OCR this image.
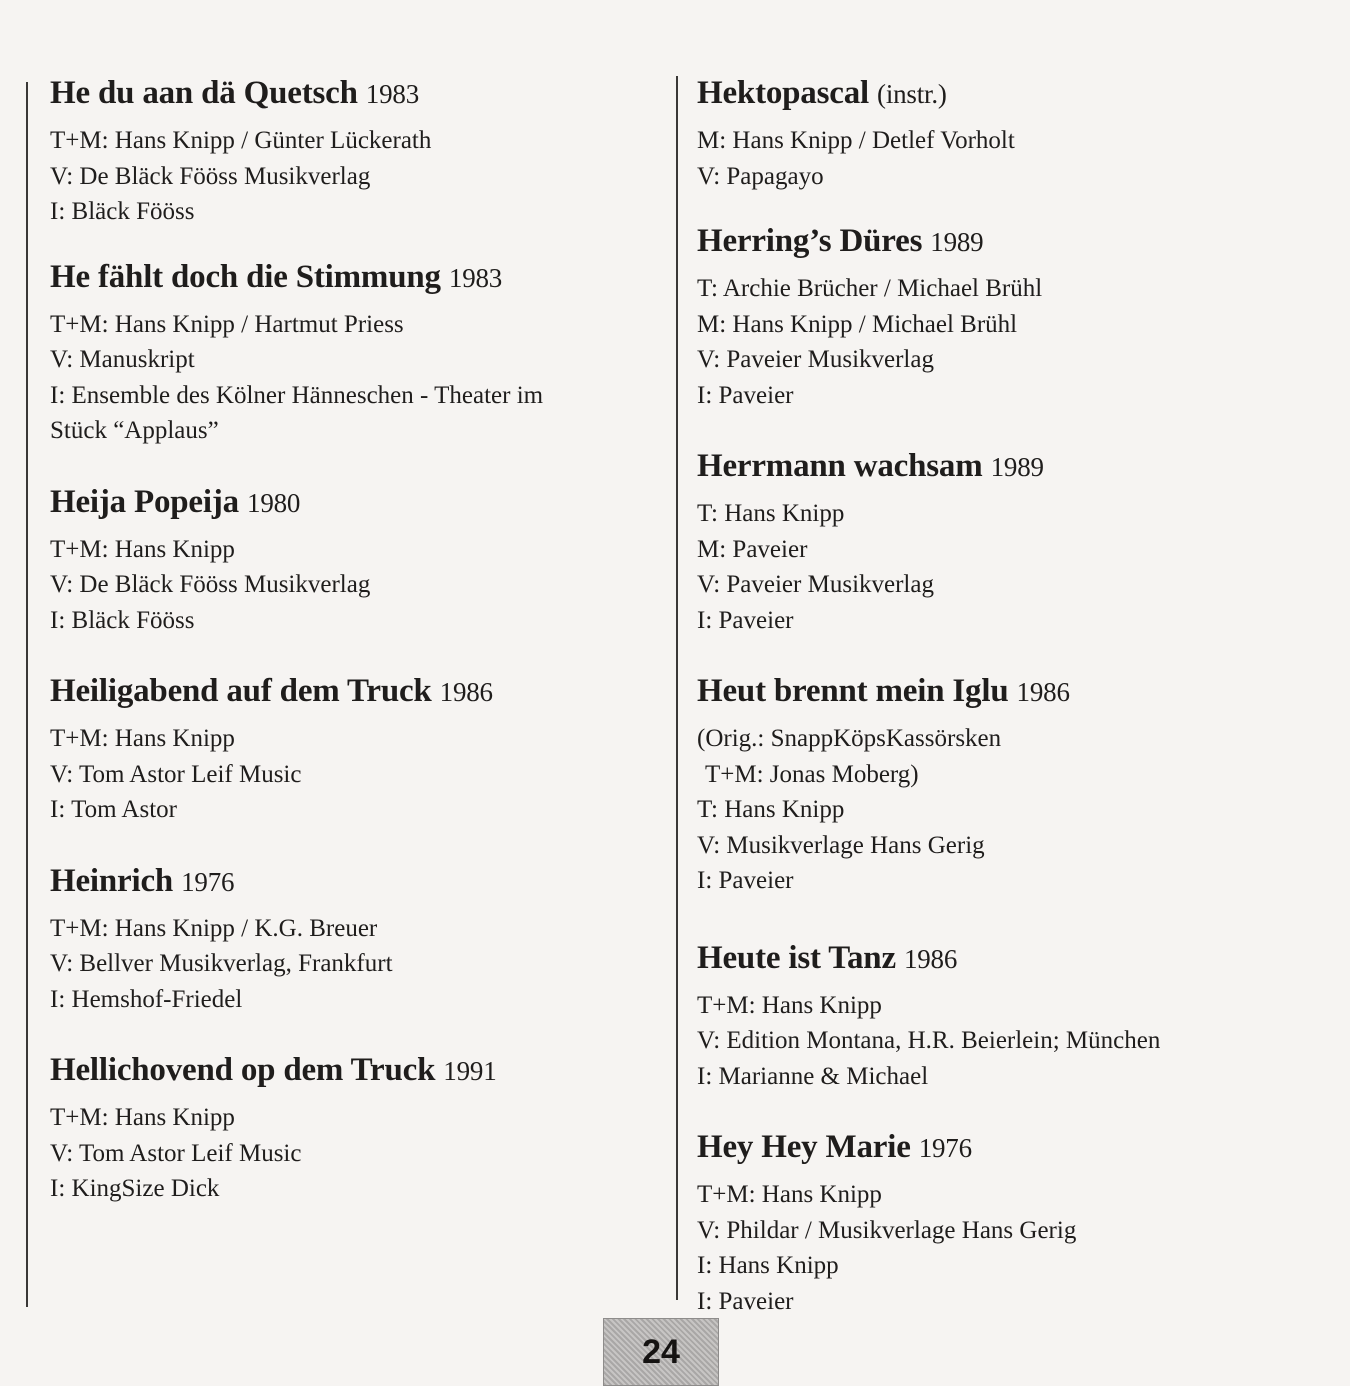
He du aan dä Quetsch 1983

T+M: Hans Knipp / Günter Lückerath

V: De Bläck Fööss Musikverlag

I: Bläck Fööss

He fählt doch die Stimmung 1983

T+M: Hans Knipp / Hartmut Priess

V: Manuskript

I: Ensemble des Kölner Hänneschen - Theater im

Stück “Applaus”

Heija Popeija 1980

T+M: Hans Knipp

V: De Bläck Fööss Musikverlag

I: Bläck Fööss

Heiligabend auf dem Truck 1986

T+M: Hans Knipp

V: Tom Astor Leif Music

I: Tom Astor

Heinrich 1976

T+M: Hans Knipp / K.G. Breuer

V: Bellver Musikverlag, Frankfurt

I: Hemshof-Friedel

Hellichovend op dem Truck 1991

T+M: Hans Knipp

V: Tom Astor Leif Music

I: KingSize Dick

Hektopascal (instr.)

M: Hans Knipp / Detlef Vorholt

V: Papagayo

Herring’s Düres 1989

T: Archie Brücher / Michael Brühl

M: Hans Knipp / Michael Brühl

V: Paveier Musikverlag

I: Paveier

Herrmann wachsam 1989

T: Hans Knipp

M: Paveier

V: Paveier Musikverlag

I: Paveier

Heut brennt mein Iglu 1986

(Orig.: SnappKöpsKassörsken

T+M: Jonas Moberg)

T: Hans Knipp

V: Musikverlage Hans Gerig

I: Paveier

Heute ist Tanz 1986

T+M: Hans Knipp

V: Edition Montana, H.R. Beierlein; München

I: Marianne & Michael

Hey Hey Marie 1976

T+M: Hans Knipp

V: Phildar / Musikverlage Hans Gerig

I: Hans Knipp

I: Paveier

24
